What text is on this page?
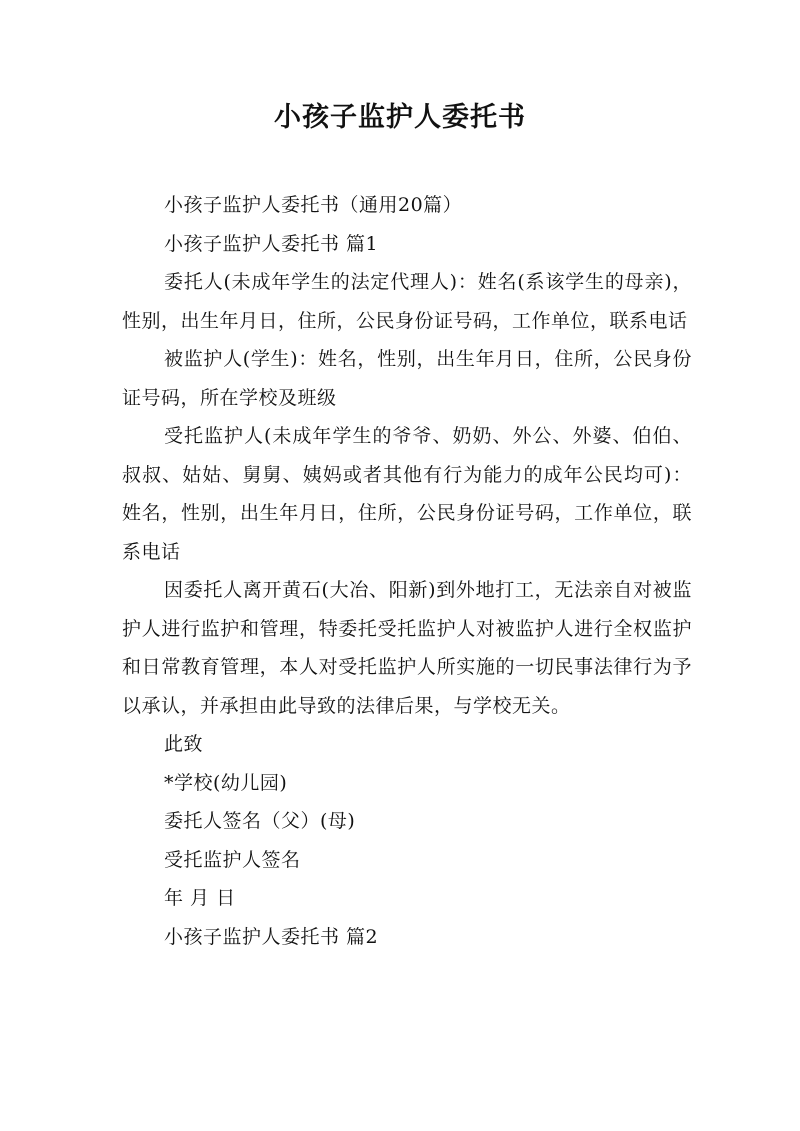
小孩子监护人委托书

小孩子监护人委托书（通用20篇）

小孩子监护人委托书 篇1

委托人(未成年学生的法定代理人)：姓名(系该学生的母亲)，性别，出生年月日，住所，公民身份证号码，工作单位，联系电话

被监护人(学生)：姓名，性别，出生年月日，住所，公民身份证号码，所在学校及班级

受托监护人(未成年学生的爷爷、奶奶、外公、外婆、伯伯、叔叔、姑姑、舅舅、姨妈或者其他有行为能力的成年公民均可)：姓名，性别，出生年月日，住所，公民身份证号码，工作单位，联系电话

因委托人离开黄石(大冶、阳新)到外地打工，无法亲自对被监护人进行监护和管理，特委托受托监护人对被监护人进行全权监护和日常教育管理，本人对受托监护人所实施的一切民事法律行为予以承认，并承担由此导致的法律后果，与学校无关。

此致

*学校(幼儿园)

委托人签名（父）(母)

受托监护人签名

年 月 日

小孩子监护人委托书 篇2
